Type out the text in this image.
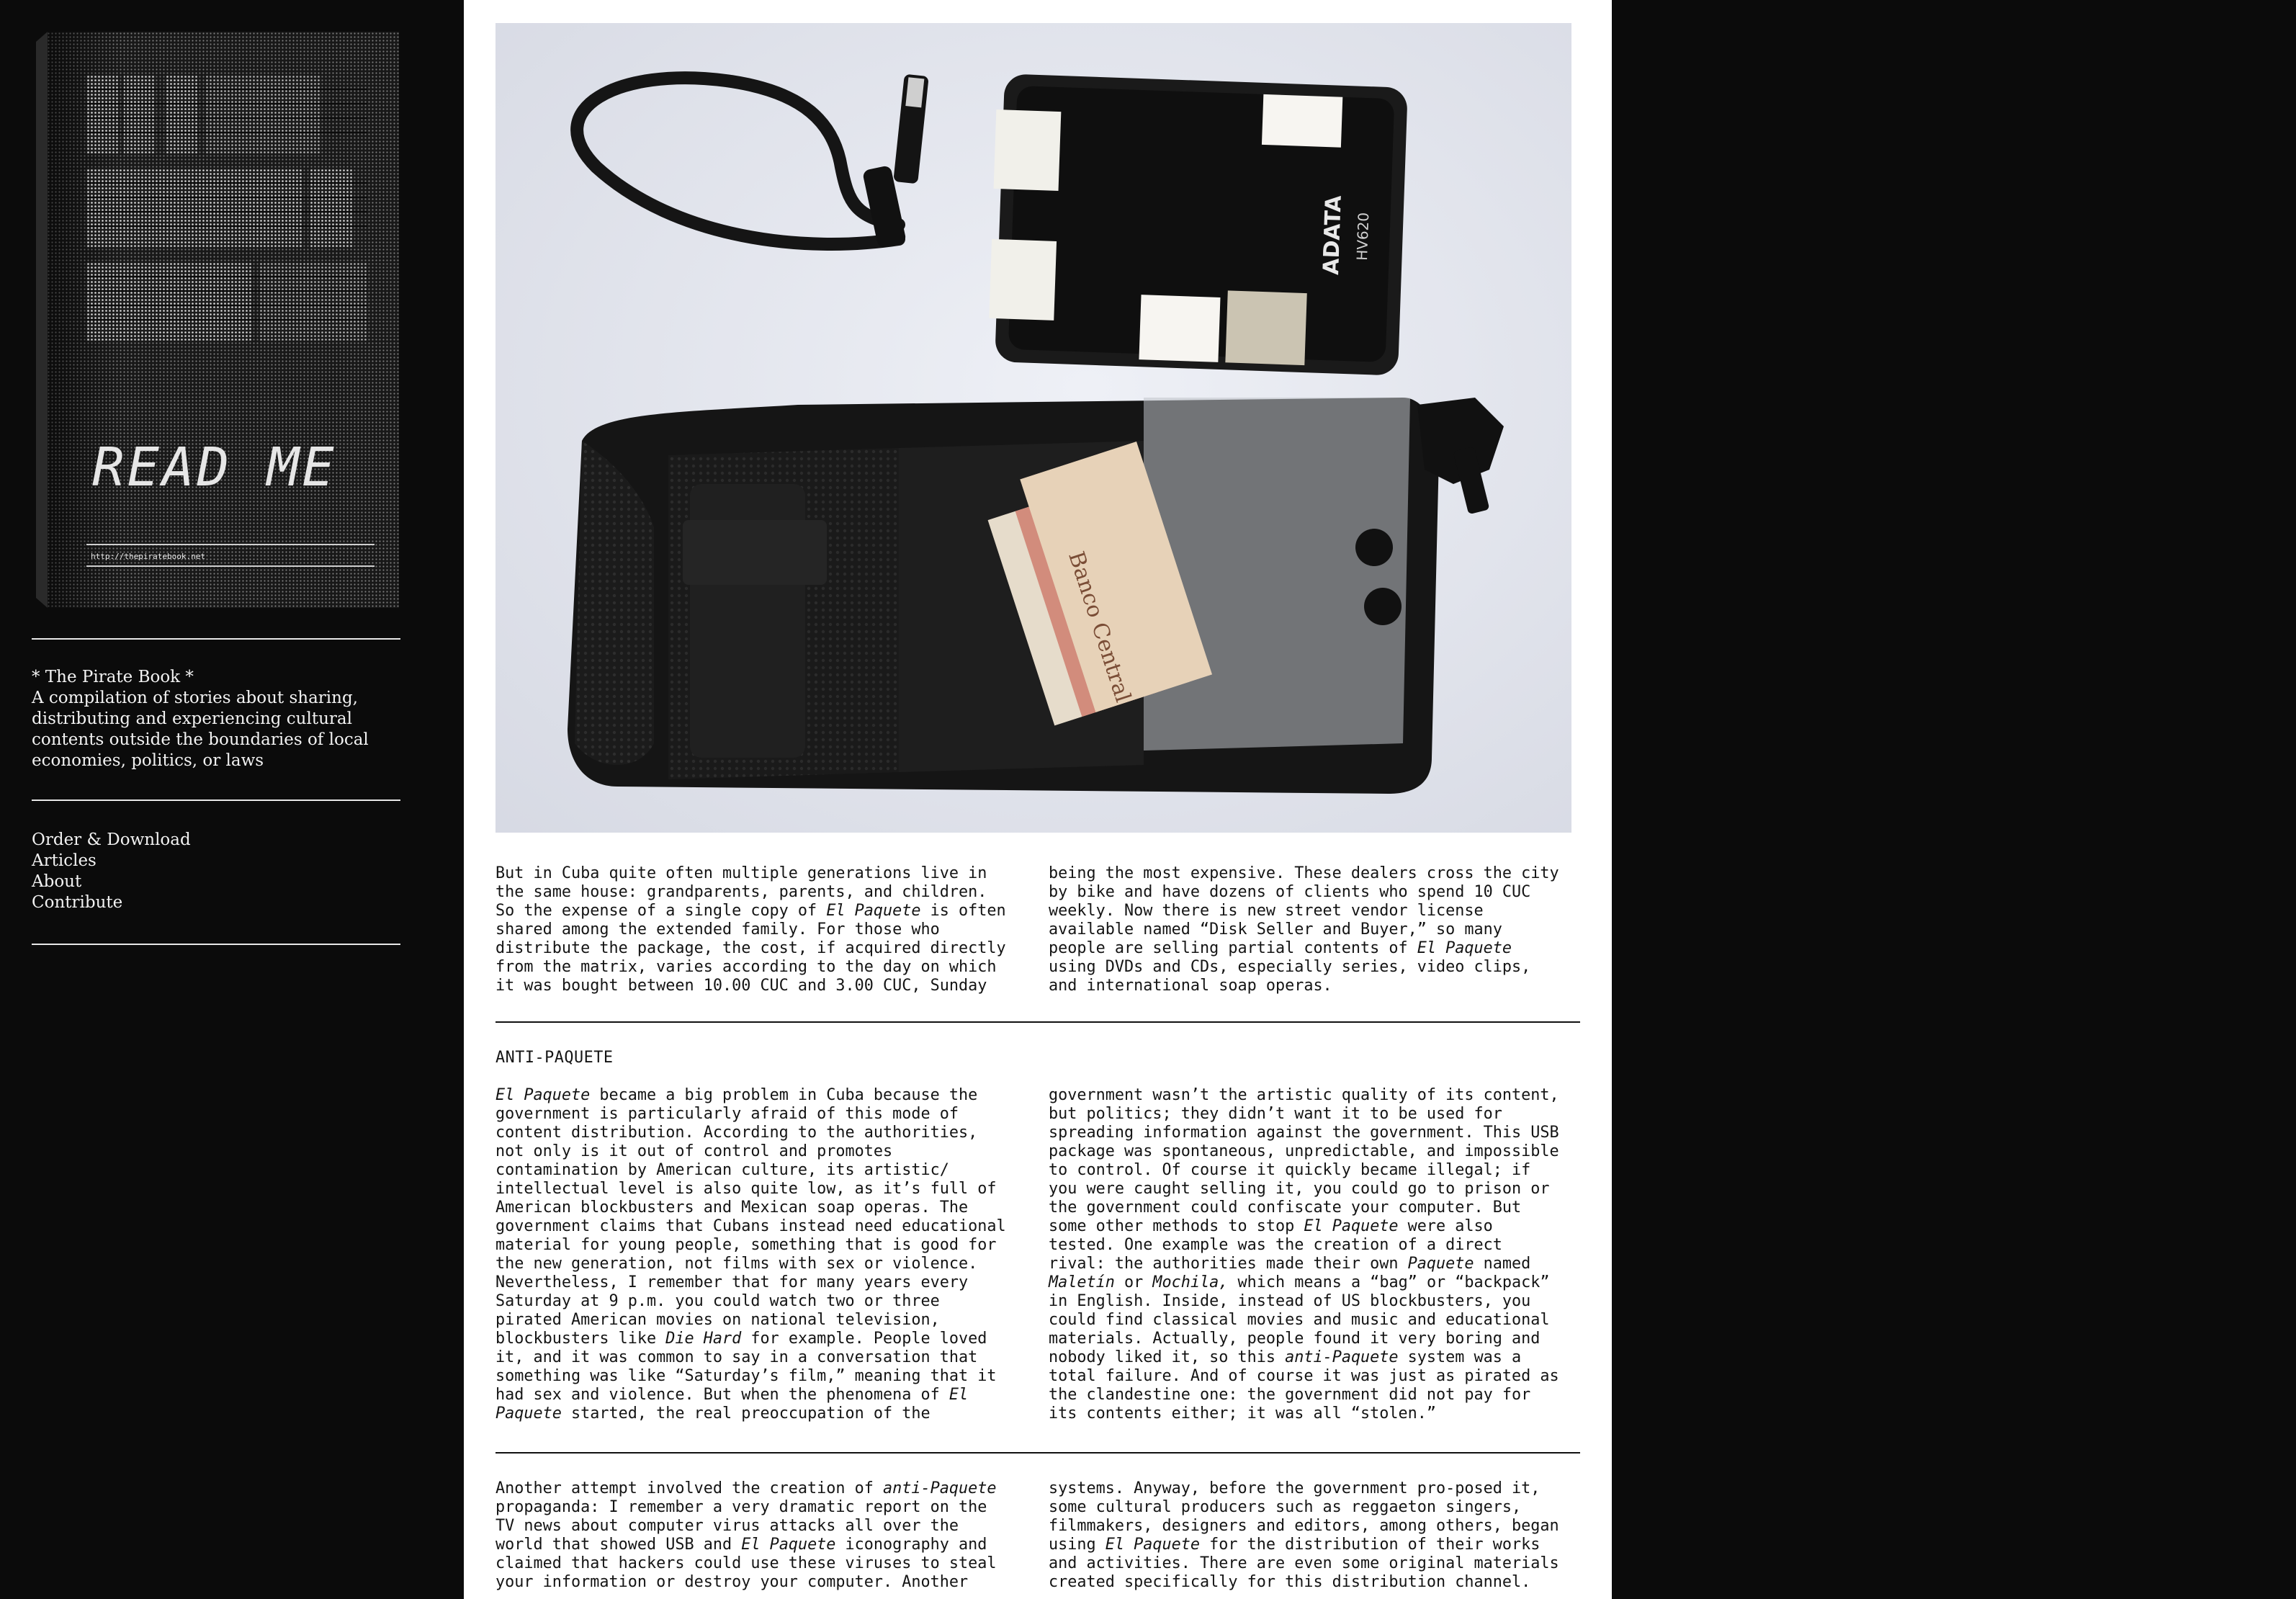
READ ME
http://thepiratebook.net
* The Pirate Book *
A compilation of stories about sharing, distributing and experiencing cultural contents outside the boundaries of local economies, politics, or laws
Order & Download
Articles
About
Contribute
ADATA HV620
Banco Central
But in Cuba quite often multiple generations live in
the same house: grandparents, parents, and children.
So the expense of a single copy of El Paquete is often
shared among the extended family. For those who
distribute the package, the cost, if acquired directly
from the matrix, varies according to the day on which
it was bought between 10.00 CUC and 3.00 CUC, Sunday
being the most expensive. These dealers cross the city
by bike and have dozens of clients who spend 10 CUC
weekly. Now there is new street vendor license
available named “Disk Seller and Buyer,” so many
people are selling partial contents of El Paquete
using DVDs and CDs, especially series, video clips,
and international soap operas.
ANTI-PAQUETE
El Paquete became a big problem in Cuba because the
government is particularly afraid of this mode of
content distribution. According to the authorities,
not only is it out of control and promotes
contamination by American culture, its artistic/
intellectual level is also quite low, as it’s full of
American blockbusters and Mexican soap operas. The
government claims that Cubans instead need educational
material for young people, something that is good for
the new generation, not films with sex or violence.
Nevertheless, I remember that for many years every
Saturday at 9 p.m. you could watch two or three
pirated American movies on national television,
blockbusters like Die Hard for example. People loved
it, and it was common to say in a conversation that
something was like “Saturday’s film,” meaning that it
had sex and violence. But when the phenomena of El
Paquete started, the real preoccupation of the
government wasn’t the artistic quality of its content,
but politics; they didn’t want it to be used for
spreading information against the government. This USB
package was spontaneous, unpredictable, and impossible
to control. Of course it quickly became illegal; if
you were caught selling it, you could go to prison or
the government could confiscate your computer. But
some other methods to stop El Paquete were also
tested. One example was the creation of a direct
rival: the authorities made their own Paquete named
Maletín or Mochila, which means a “bag” or “backpack”
in English. Inside, instead of US blockbusters, you
could find classical movies and music and educational
materials. Actually, people found it very boring and
nobody liked it, so this anti-Paquete system was a
total failure. And of course it was just as pirated as
the clandestine one: the government did not pay for
its contents either; it was all “stolen.”
Another attempt involved the creation of anti-Paquete
propaganda: I remember a very dramatic report on the
TV news about computer virus attacks all over the
world that showed USB and El Paquete iconography and
claimed that hackers could use these viruses to steal
your information or destroy your computer. Another
systems. Anyway, before the government pro-posed it,
some cultural producers such as reggaeton singers,
filmmakers, designers and editors, among others, began
using El Paquete for the distribution of their works
and activities. There are even some original materials
created specifically for this distribution channel.
